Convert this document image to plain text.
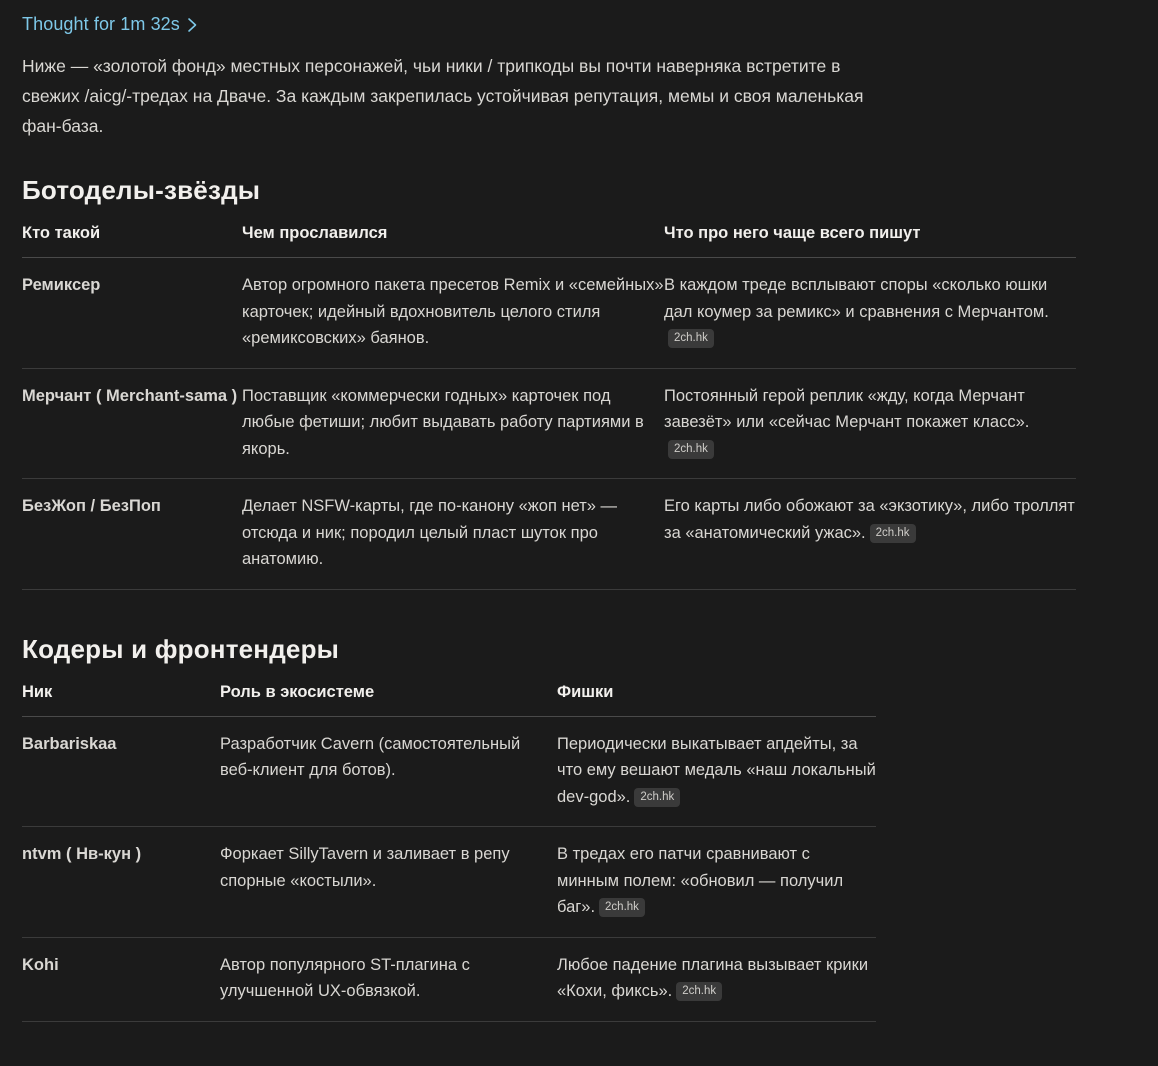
Thought for 1m 32s

Ниже — «золотой фонд» местных персонажей, чьи ники / трипкоды вы почти наверняка встретите в свежих /aicg/-тредах на Дваче. За каждым закрепилась устойчивая репутация, мемы и своя маленькая фан-база.

Ботоделы-звёзды
Кто такой	Чем прославился	Что про него чаще всего пишут
Ремиксер	Автор огромного пакета пресетов Remix и «семейных» карточек; идейный вдохновитель целого стиля «ремиксовских» баянов.	В каждом треде всплывают споры «сколько юшки дал коумер за ремикс» и сравнения с Мерчантом.2ch.hk
Мерчант ( Merchant-sama )	Поставщик «коммерчески годных» карточек под любые фетиши; любит выдавать работу партиями в якорь.	Постоянный герой реплик «жду, когда Мерчант завезёт» или «сейчас Мерчант покажет класс».2ch.hk
БезЖоп / БезПоп	Делает NSFW-карты, где по-канону «жоп нет» — отсюда и ник; породил целый пласт шуток про анатомию.	Его карты либо обожают за «экзотику», либо троллят за «анатомический ужас». 2ch.hk
Кодеры и фронтендеры
Ник	Роль в экосистеме	Фишки
Barbariskaa	Разработчик Cavern (самостоятельный веб-клиент для ботов).	Периодически выкатывает апдейты, за что ему вешают медаль «наш локальный dev-god». 2ch.hk
ntvm ( Нв-кун )	Форкает SillyTavern и заливает в репу спорные «костыли».	В тредах его патчи сравнивают с минным полем: «обновил — получил баг». 2ch.hk
Kohi	Автор популярного ST-плагина с улучшенной UX-обвязкой.	Любое падение плагина вызывает крики «Кохи, фиксь». 2ch.hk
